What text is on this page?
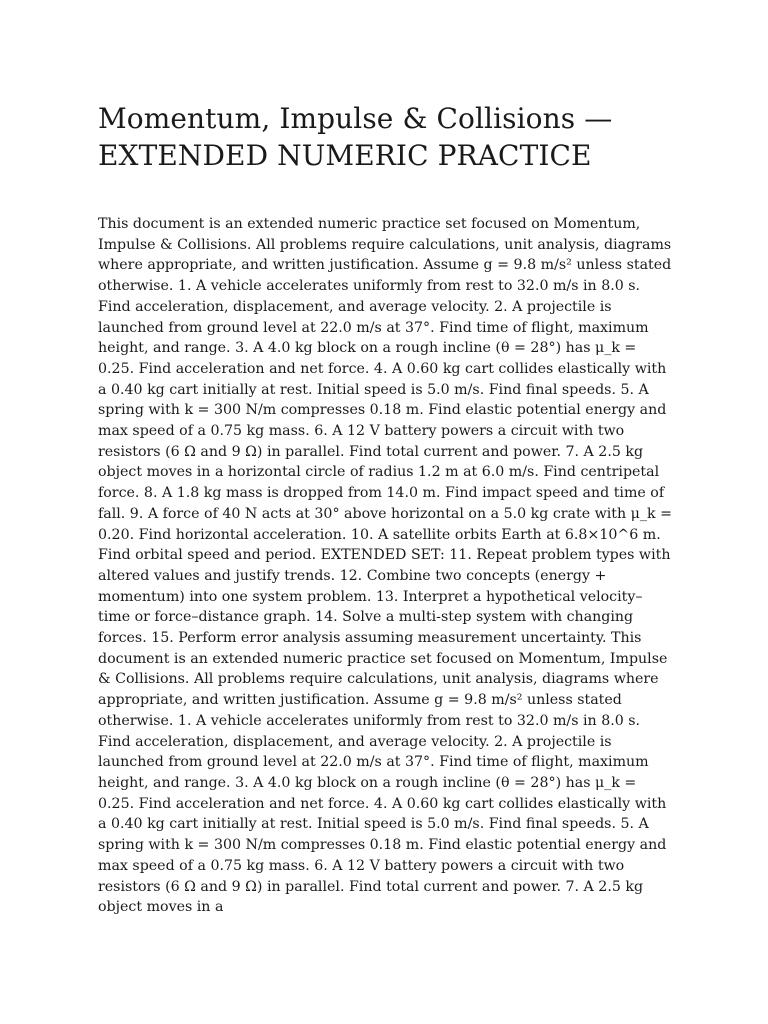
Momentum, Impulse & Collisions —
EXTENDED NUMERIC PRACTICE

This document is an extended numeric practice set focused on Momentum, Impulse & Collisions. All problems require calculations, unit analysis, diagrams where appropriate, and written justification. Assume g = 9.8 m/s² unless stated otherwise. 1. A vehicle accelerates uniformly from rest to 32.0 m/s in 8.0 s. Find acceleration, displacement, and average velocity. 2. A projectile is launched from ground level at 22.0 m/s at 37°. Find time of flight, maximum height, and range. 3. A 4.0 kg block on a rough incline (θ = 28°) has μ_k = 0.25. Find acceleration and net force. 4. A 0.60 kg cart collides elastically with a 0.40 kg cart initially at rest. Initial speed is 5.0 m/s. Find final speeds. 5. A spring with k = 300 N/m compresses 0.18 m. Find elastic potential energy and max speed of a 0.75 kg mass. 6. A 12 V battery powers a circuit with two resistors (6 Ω and 9 Ω) in parallel. Find total current and power. 7. A 2.5 kg object moves in a horizontal circle of radius 1.2 m at 6.0 m/s. Find centripetal force. 8. A 1.8 kg mass is dropped from 14.0 m. Find impact speed and time of fall. 9. A force of 40 N acts at 30° above horizontal on a 5.0 kg crate with μ_k = 0.20. Find horizontal acceleration. 10. A satellite orbits Earth at 6.8×10^6 m. Find orbital speed and period. EXTENDED SET: 11. Repeat problem types with altered values and justify trends. 12. Combine two concepts (energy + momentum) into one system problem. 13. Interpret a hypothetical velocity–time or force–distance graph. 14. Solve a multi-step system with changing forces. 15. Perform error analysis assuming measurement uncertainty. This document is an extended numeric practice set focused on Momentum, Impulse & Collisions. All problems require calculations, unit analysis, diagrams where appropriate, and written justification. Assume g = 9.8 m/s² unless stated otherwise. 1. A vehicle accelerates uniformly from rest to 32.0 m/s in 8.0 s. Find acceleration, displacement, and average velocity. 2. A projectile is launched from ground level at 22.0 m/s at 37°. Find time of flight, maximum height, and range. 3. A 4.0 kg block on a rough incline (θ = 28°) has μ_k = 0.25. Find acceleration and net force. 4. A 0.60 kg cart collides elastically with a 0.40 kg cart initially at rest. Initial speed is 5.0 m/s. Find final speeds. 5. A spring with k = 300 N/m compresses 0.18 m. Find elastic potential energy and max speed of a 0.75 kg mass. 6. A 12 V battery powers a circuit with two resistors (6 Ω and 9 Ω) in parallel. Find total current and power. 7. A 2.5 kg object moves in a
